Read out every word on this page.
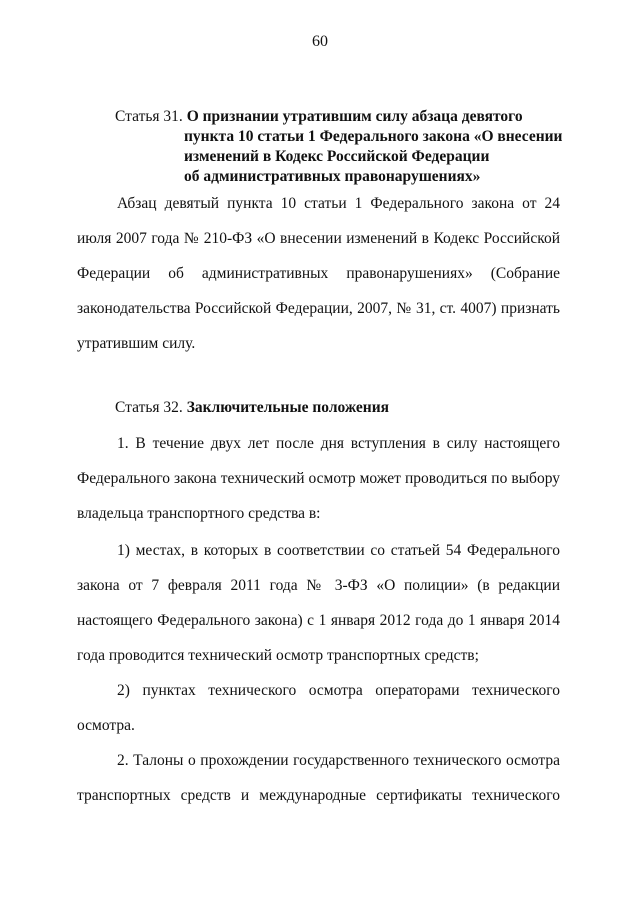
60
Статья 31. О признании утратившим силу абзаца девятого
пункта 10 статьи 1 Федерального закона «О внесении
изменений в Кодекс Российской Федерации
об административных правонарушениях»
Абзац девятый пункта 10 статьи 1 Федерального закона от 24 июля 2007 года № 210-ФЗ «О внесении изменений в Кодекс Российской Федерации об административных правонарушениях» (Собрание законодательства Российской Федерации, 2007, № 31, ст. 4007) признать утратившим силу.
Статья 32. Заключительные положения
1. В течение двух лет после дня вступления в силу настоящего Федерального закона технический осмотр может проводиться по выбору владельца транспортного средства в:
1) местах, в которых в соответствии со статьей 54 Федерального закона от 7 февраля 2011 года № 3-ФЗ «О полиции» (в редакции настоящего Федерального закона) с 1 января 2012 года до 1 января 2014 года проводится технический осмотр транспортных средств;
2) пунктах технического осмотра операторами технического осмотра.
2. Талоны о прохождении государственного технического осмотра транспортных средств и международные сертификаты технического
